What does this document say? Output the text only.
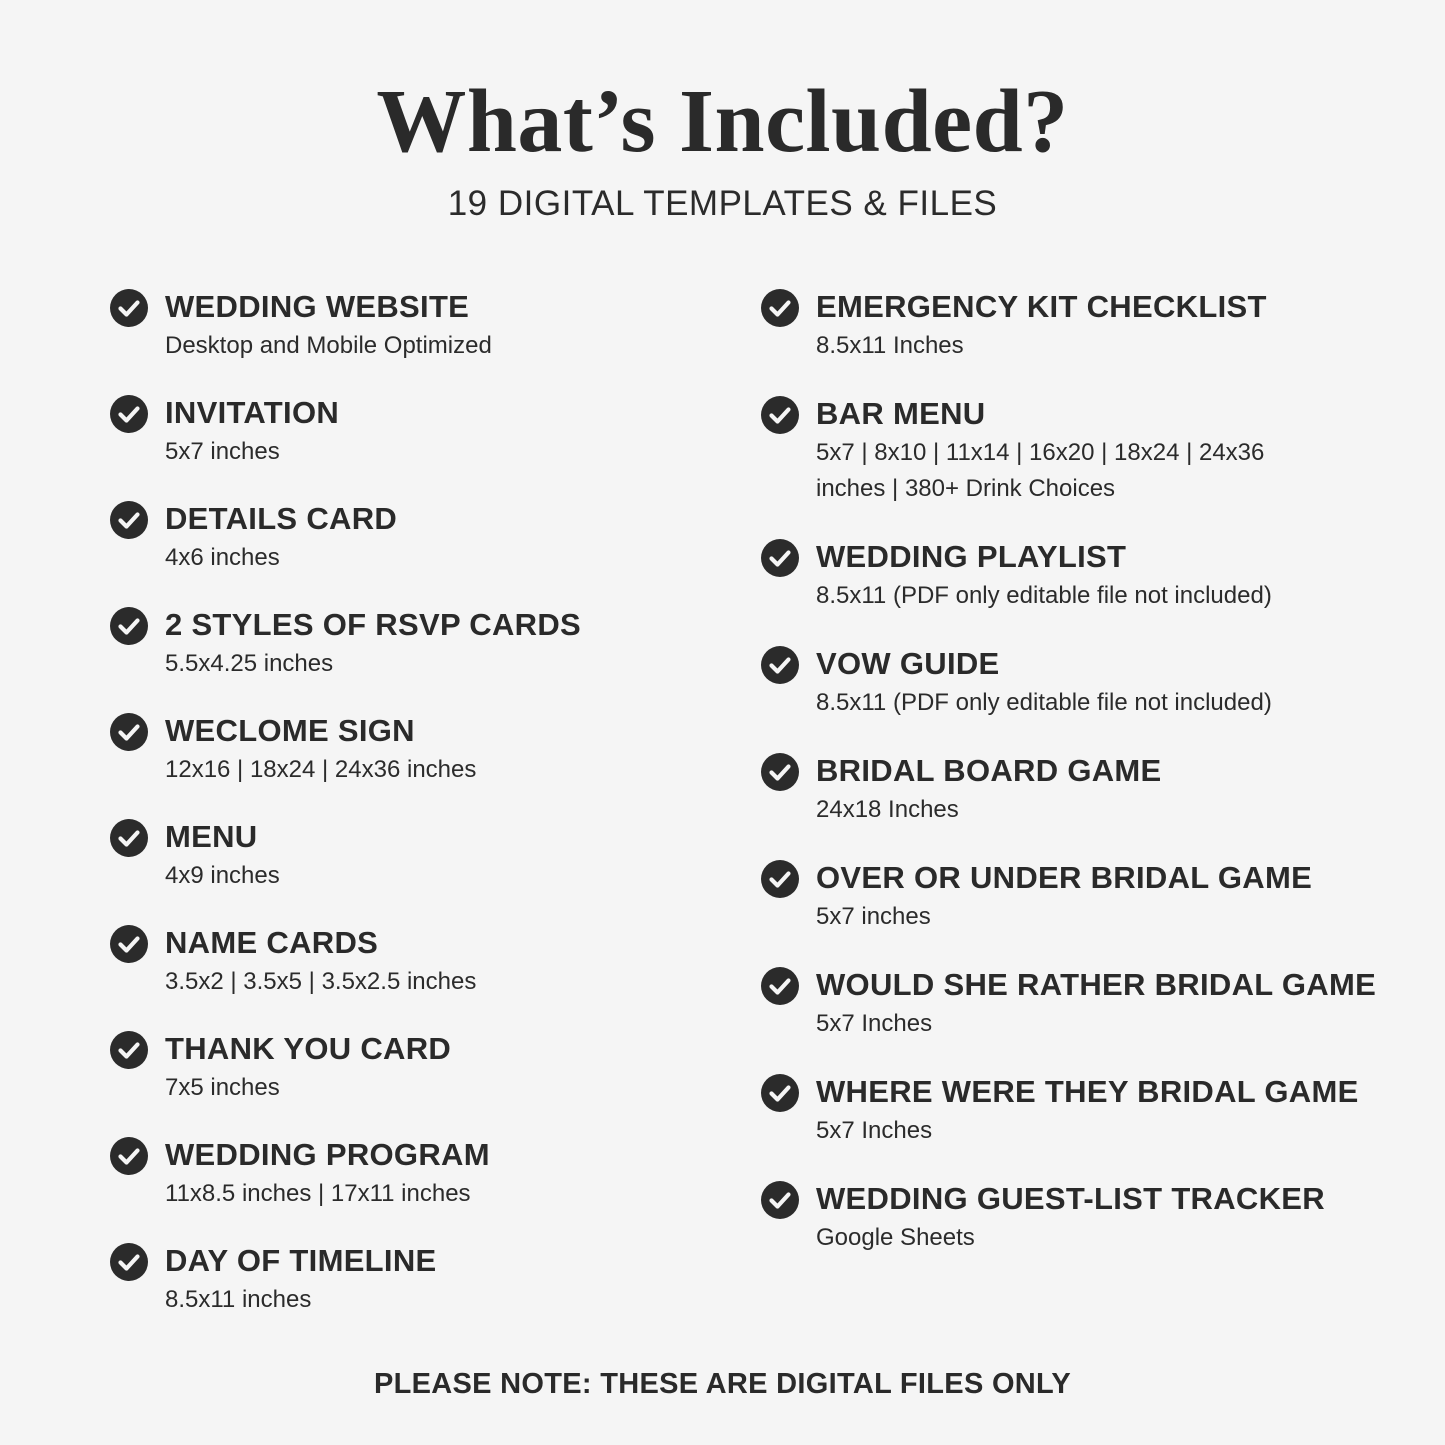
What’s Included?
19 DIGITAL TEMPLATES & FILES
WEDDING WEBSITE
Desktop and Mobile Optimized
INVITATION
5x7 inches
DETAILS CARD
4x6 inches
2 STYLES OF RSVP CARDS
5.5x4.25 inches
WECLOME SIGN
12x16 | 18x24 | 24x36 inches
MENU
4x9 inches
NAME CARDS
3.5x2 | 3.5x5 | 3.5x2.5 inches
THANK YOU CARD
7x5 inches
WEDDING PROGRAM
11x8.5 inches | 17x11 inches
DAY OF TIMELINE
8.5x11 inches
EMERGENCY KIT CHECKLIST
8.5x11 Inches
BAR MENU
5x7 | 8x10 | 11x14 | 16x20 | 18x24 | 24x36 inches | 380+ Drink Choices
WEDDING PLAYLIST
8.5x11 (PDF only editable file not included)
VOW GUIDE
8.5x11 (PDF only editable file not included)
BRIDAL BOARD GAME
24x18 Inches
OVER OR UNDER BRIDAL GAME
5x7 inches
WOULD SHE RATHER BRIDAL GAME
5x7 Inches
WHERE WERE THEY BRIDAL GAME
5x7 Inches
WEDDING GUEST-LIST TRACKER
Google Sheets
PLEASE NOTE: THESE ARE DIGITAL FILES ONLY
